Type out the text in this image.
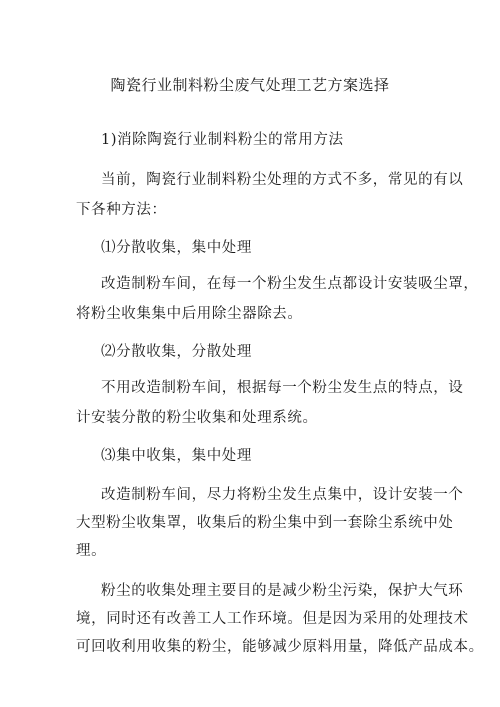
陶瓷行业制料粉尘废气处理工艺方案选择
1)消除陶瓷行业制料粉尘的常用方法
当前，陶瓷行业制料粉尘处理的方式不多，常见的有以
下各种方法：
⑴分散收集，集中处理
改造制粉车间，在每一个粉尘发生点都设计安装吸尘罩，
将粉尘收集集中后用除尘器除去。
⑵分散收集，分散处理
不用改造制粉车间，根据每一个粉尘发生点的特点，设
计安装分散的粉尘收集和处理系统。
⑶集中收集，集中处理
改造制粉车间，尽力将粉尘发生点集中，设计安装一个
大型粉尘收集罩，收集后的粉尘集中到一套除尘系统中处
理。
粉尘的收集处理主要目的是减少粉尘污染，保护大气环
境，同时还有改善工人工作环境。但是因为采用的处理技术
可回收利用收集的粉尘，能够减少原料用量，降低产品成本。
